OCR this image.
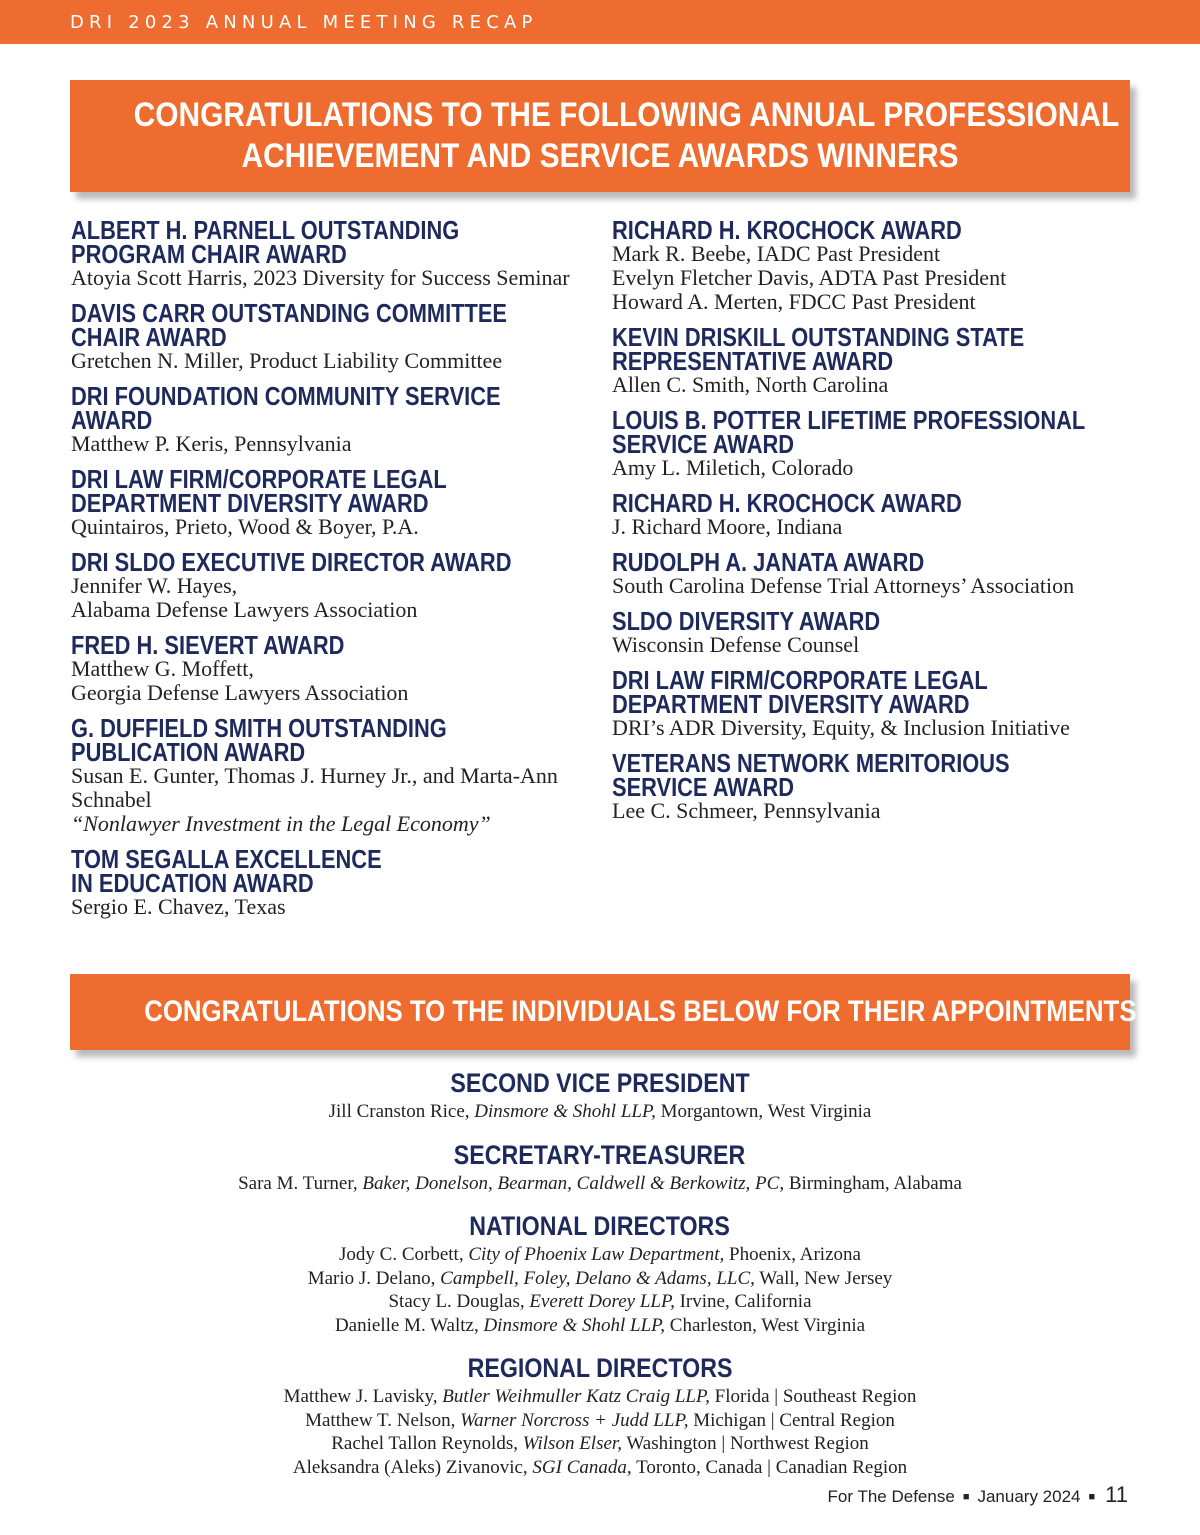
DRI 2023 ANNUAL MEETING RECAP
CONGRATULATIONS TO THE FOLLOWING ANNUAL PROFESSIONAL
ACHIEVEMENT AND SERVICE AWARDS WINNERS
ALBERT H. PARNELL OUTSTANDING
PROGRAM CHAIR AWARD
Atoyia Scott Harris, 2023 Diversity for Success Seminar
DAVIS CARR OUTSTANDING COMMITTEE
CHAIR AWARD
Gretchen N. Miller, Product Liability Committee
DRI FOUNDATION COMMUNITY SERVICE
AWARD
Matthew P. Keris, Pennsylvania
DRI LAW FIRM/CORPORATE LEGAL
DEPARTMENT DIVERSITY AWARD
Quintairos, Prieto, Wood & Boyer, P.A.
DRI SLDO EXECUTIVE DIRECTOR AWARD
Jennifer W. Hayes,
Alabama Defense Lawyers Association
FRED H. SIEVERT AWARD
Matthew G. Moffett,
Georgia Defense Lawyers Association
G. DUFFIELD SMITH OUTSTANDING
PUBLICATION AWARD
Susan E. Gunter, Thomas J. Hurney Jr., and Marta-Ann
Schnabel
“Nonlawyer Investment in the Legal Economy”
TOM SEGALLA EXCELLENCE
IN EDUCATION AWARD
Sergio E. Chavez, Texas
RICHARD H. KROCHOCK AWARD
Mark R. Beebe, IADC Past President
Evelyn Fletcher Davis, ADTA Past President
Howard A. Merten, FDCC Past President
KEVIN DRISKILL OUTSTANDING STATE
REPRESENTATIVE AWARD
Allen C. Smith, North Carolina
LOUIS B. POTTER LIFETIME PROFESSIONAL
SERVICE AWARD
Amy L. Miletich, Colorado
RICHARD H. KROCHOCK AWARD
J. Richard Moore, Indiana
RUDOLPH A. JANATA AWARD
South Carolina Defense Trial Attorneys’ Association
SLDO DIVERSITY AWARD
Wisconsin Defense Counsel
DRI LAW FIRM/CORPORATE LEGAL
DEPARTMENT DIVERSITY AWARD
DRI’s ADR Diversity, Equity, & Inclusion Initiative
VETERANS NETWORK MERITORIOUS
SERVICE AWARD
Lee C. Schmeer, Pennsylvania
CONGRATULATIONS TO THE INDIVIDUALS BELOW FOR THEIR APPOINTMENTS
SECOND VICE PRESIDENT
Jill Cranston Rice, Dinsmore & Shohl LLP, Morgantown, West Virginia
SECRETARY-TREASURER
Sara M. Turner, Baker, Donelson, Bearman, Caldwell & Berkowitz, PC, Birmingham, Alabama
NATIONAL DIRECTORS
Jody C. Corbett, City of Phoenix Law Department, Phoenix, Arizona
Mario J. Delano, Campbell, Foley, Delano & Adams, LLC, Wall, New Jersey
Stacy L. Douglas, Everett Dorey LLP, Irvine, California
Danielle M. Waltz, Dinsmore & Shohl LLP, Charleston, West Virginia
REGIONAL DIRECTORS
Matthew J. Lavisky, Butler Weihmuller Katz Craig LLP, Florida | Southeast Region
Matthew T. Nelson, Warner Norcross + Judd LLP, Michigan | Central Region
Rachel Tallon Reynolds, Wilson Elser, Washington | Northwest Region
Aleksandra (Aleks) Zivanovic, SGI Canada, Toronto, Canada | Canadian Region
For The Defense ■ January 2024 ■ 11
